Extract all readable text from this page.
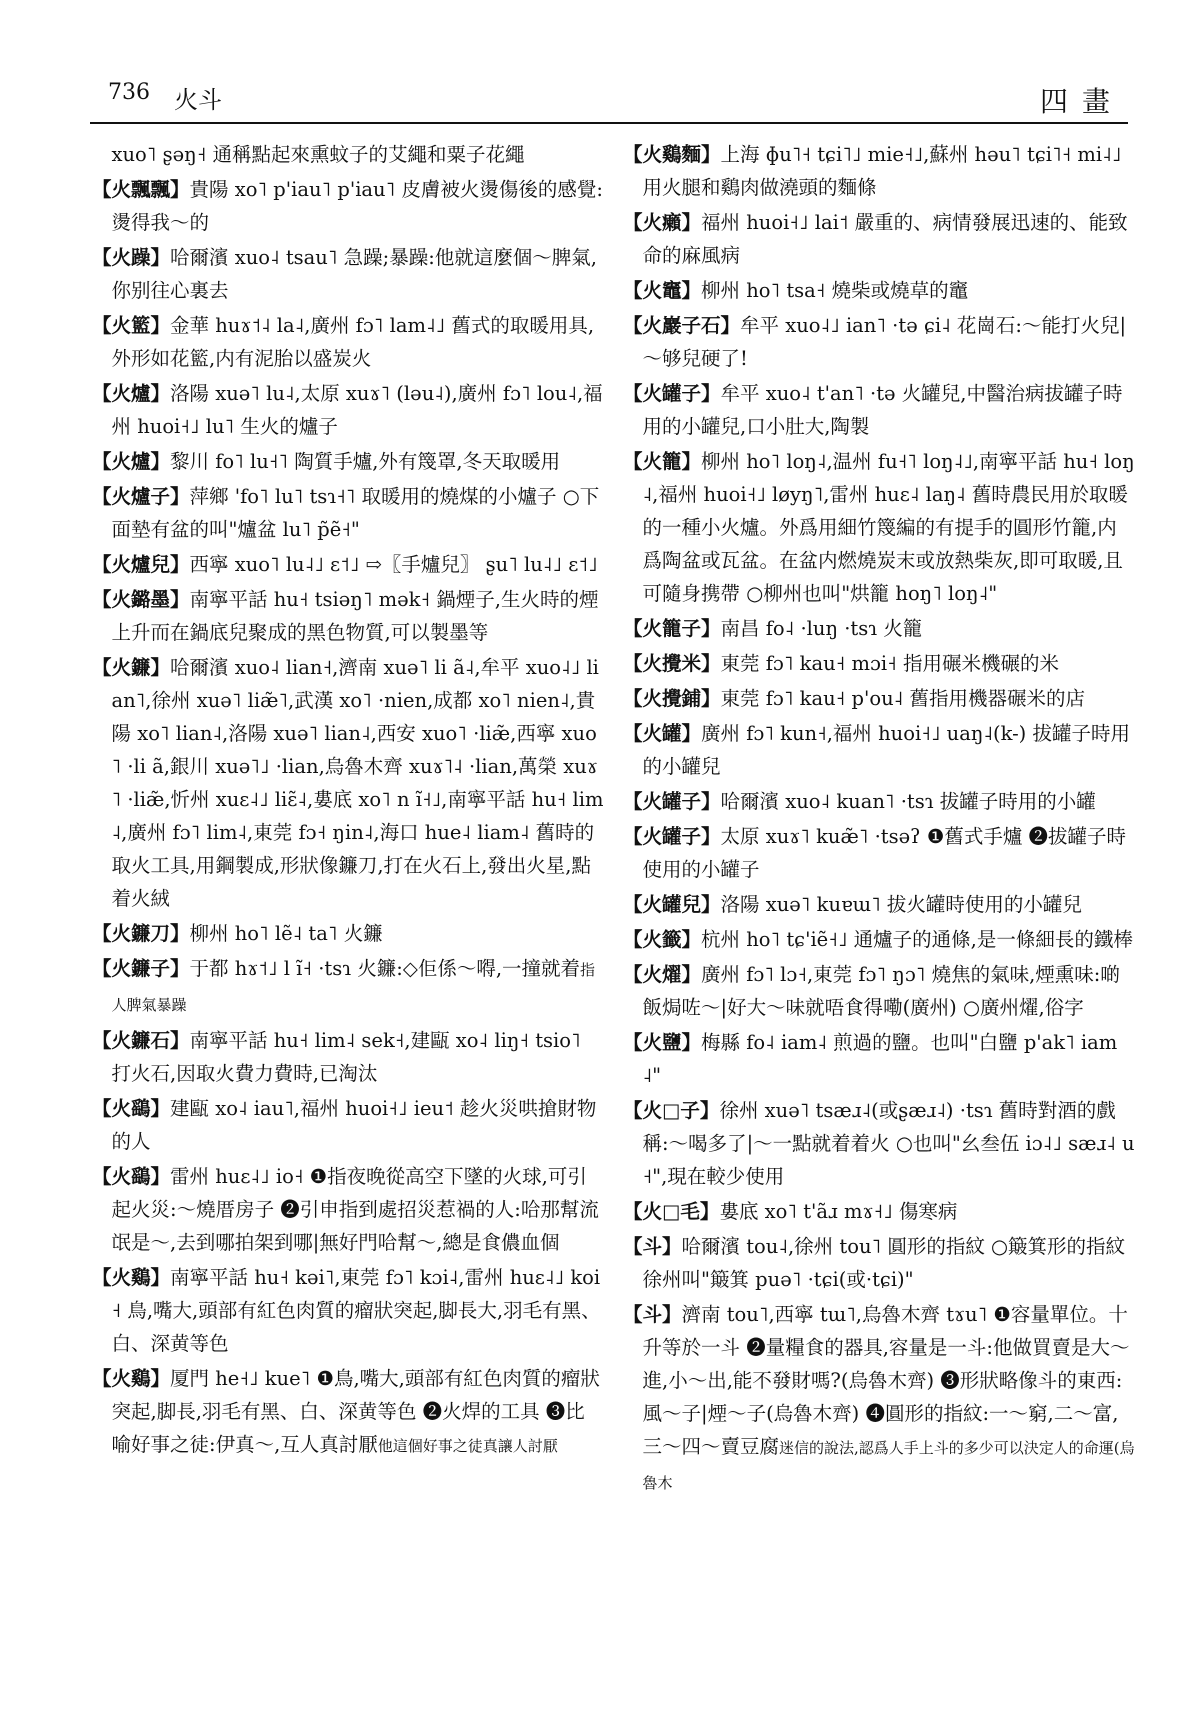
736 火斗	四畫
xuo˥ ʂəŋ˧ 通稱點起來熏蚊子的艾繩和粟子花繩
【火飄飄】貴陽 xo˥ p'iau˥ p'iau˥ 皮膚被火燙傷後的感覺:燙得我～的
【火躁】哈爾濱 xuo˨ tsau˥ 急躁;暴躁:他就這麼個～脾氣,你别往心裏去
【火籃】金華 huɤ˦˨ la˨,廣州 fɔ˥ lam˨˩ 舊式的取暖用具,外形如花籃,内有泥胎以盛炭火
【火爐】洛陽 xuə˥ lu˨,太原 xuɤ˥ (ləu˨),廣州 fɔ˥ lou˨,福州 huoi˧˩ lu˥ 生火的爐子
【火爐】黎川 fo˥ lu˧˥ 陶質手爐,外有篾罩,冬天取暖用
【火爐子】萍鄉 'fo˥ lu˥ tsɿ˧˥ 取暖用的燒煤的小爐子 ○下面墊有盆的叫"爐盆 lu˥ p̃ẽ˧"
【火爐兒】西寧 xuo˥ lu˨˩ ɛ˦˩ ⇨〖手爐兒〗 ʂu˥ lu˨˩ ɛ˦˩
【火鏴墨】南寧平話 hu˧ tsiəŋ˥ mək˧ 鍋煙子,生火時的煙上升而在鍋底兒聚成的黑色物質,可以製墨等
【火鐮】哈爾濱 xuo˨ lian˧,濟南 xuə˥ li ã˨,牟平 xuo˨˩ lian˥,徐州 xuə˥ liæ̃˥,武漢 xo˥ ·nien,成都 xo˥ nien˨,貴陽 xo˥ lian˨,洛陽 xuə˥ lian˨,西安 xuo˥ ·liæ̃,西寧 xuo˥ ·li ã,銀川 xuə˥˩ ·lian,烏魯木齊 xuɤ˥˨ ·lian,萬榮 xuɤ˥ ·liæ̃,忻州 xuɛ˨˩ liɛ̃˨,婁底 xo˥ n ĩ˧˩,南寧平話 hu˧ lim˨,廣州 fɔ˥ lim˨,東莞 fɔ˧ ŋin˨,海口 hue˨ liam˨ 舊時的取火工具,用鋼製成,形狀像鐮刀,打在火石上,發出火星,點着火絨
【火鐮刀】柳州 ho˥ lẽ˨ ta˥ 火鐮
【火鐮子】于都 hɤ˦˩ l ĩ˧ ·tsɿ 火鐮:◇佢係～嘚,一撞就着指人脾氣暴躁
【火鐮石】南寧平話 hu˧ lim˨ sek˧,建甌 xo˨ liŋ˧ tsio˥ 打火石,因取火費力費時,已淘汰
【火鷂】建甌 xo˨ iau˥,福州 huoi˧˩ ieu˦ 趁火災哄搶財物的人
【火鷂】雷州 huɛ˨˩ io˧ ❶指夜晚從高空下墜的火球,可引起火災:～燒厝房子 ❷引申指到處招災惹禍的人:哈那幫流氓是～,去到哪拍架到哪|無好門哈幫～,總是食儂血個
【火鷄】南寧平話 hu˧ kəi˥,東莞 fɔ˥ kɔi˨,雷州 huɛ˨˩ koi˧ 鳥,嘴大,頭部有紅色肉質的瘤狀突起,脚長大,羽毛有黑、白、深黄等色
【火鷄】厦門 he˧˩ kue˥ ❶鳥,嘴大,頭部有紅色肉質的瘤狀突起,脚長,羽毛有黑、白、深黄等色 ❷火焊的工具 ❸比喻好事之徒:伊真～,互人真討厭他這個好事之徒真讓人討厭
【火鷄麵】上海 ɸu˥˧ tɕi˥˩ mie˧˩,蘇州 həu˥ tɕi˥˧ mi˨˩ 用火腿和鷄肉做澆頭的麵條
【火癩】福州 huoi˧˩ lai˦ 嚴重的、病情發展迅速的、能致命的麻風病
【火竈】柳州 ho˥ tsa˧ 燒柴或燒草的竈
【火巖子石】牟平 xuo˨˩ ian˥ ·tə ɕi˨ 花崗石:～能打火兒|～够兒硬了!
【火罐子】牟平 xuo˨ t'an˥ ·tə 火罐兒,中醫治病拔罐子時用的小罐兒,口小肚大,陶製
【火籠】柳州 ho˥ loŋ˨,温州 fu˧˥ loŋ˨˩,南寧平話 hu˧ loŋ˨,福州 huoi˧˩ løyŋ˥,雷州 huɛ˨ laŋ˨ 舊時農民用於取暖的一種小火爐。外爲用細竹篾編的有提手的圓形竹籠,内爲陶盆或瓦盆。在盆内燃燒炭末或放熱柴灰,即可取暖,且可隨身携帶 ○柳州也叫"烘籠 hoŋ˥ loŋ˨"
【火籠子】南昌 fo˨ ·luŋ ·tsɿ 火籠
【火攪米】東莞 fɔ˥ kau˧ mɔi˧ 指用碾米機碾的米
【火攪鋪】東莞 fɔ˥ kau˧ p'ou˨ 舊指用機器碾米的店
【火罐】廣州 fɔ˥ kun˧,福州 huoi˧˩ uaŋ˨(k-) 拔罐子時用的小罐兒
【火罐子】哈爾濱 xuo˨ kuan˥ ·tsɿ 拔罐子時用的小罐
【火罐子】太原 xuɤ˥ kuæ̃˥ ·tsəʔ ❶舊式手爐 ❷拔罐子時使用的小罐子
【火罐兒】洛陽 xuə˥ kuɐɯ˥ 拔火罐時使用的小罐兒
【火籤】杭州 ho˥ tɕ'iẽ˧˩ 通爐子的通條,是一條細長的鐵棒
【火燿】廣州 fɔ˥ lɔ˧,東莞 fɔ˥ ŋɔ˥ 燒焦的氣味,煙熏味:啲飯焗咗～|好大～味就唔食得嘞(廣州) ○廣州燿,俗字
【火鹽】梅縣 fo˨ iam˨ 煎過的鹽。也叫"白鹽 p'ak˥ iam˨"
【火□子】徐州 xuə˥ tsæɹ˨(或ʂæɹ˨) ·tsɿ 舊時對酒的戲稱:～喝多了|～一點就着着火 ○也叫"幺叁伍 iɔ˨˩ sæɹ˨ u˧",現在較少使用
【火□毛】婁底 xo˥ t'ãɹ mɤ˧˩ 傷寒病
【斗】哈爾濱 tou˨,徐州 tou˥ 圓形的指紋 ○簸箕形的指紋徐州叫"簸箕 puə˥ ·tɕi(或·tɕi)"
【斗】濟南 tou˥,西寧 tɯ˥,烏魯木齊 tɤu˥ ❶容量單位。十升等於一斗 ❷量糧食的器具,容量是一斗:他做買賣是大～進,小～出,能不發財嗎?(烏魯木齊) ❸形狀略像斗的東西:風～子|煙～子(烏魯木齊) ❹圓形的指紋:一～窮,二～富,三～四～賣豆腐迷信的說法,認爲人手上斗的多少可以決定人的命運(烏魯木
